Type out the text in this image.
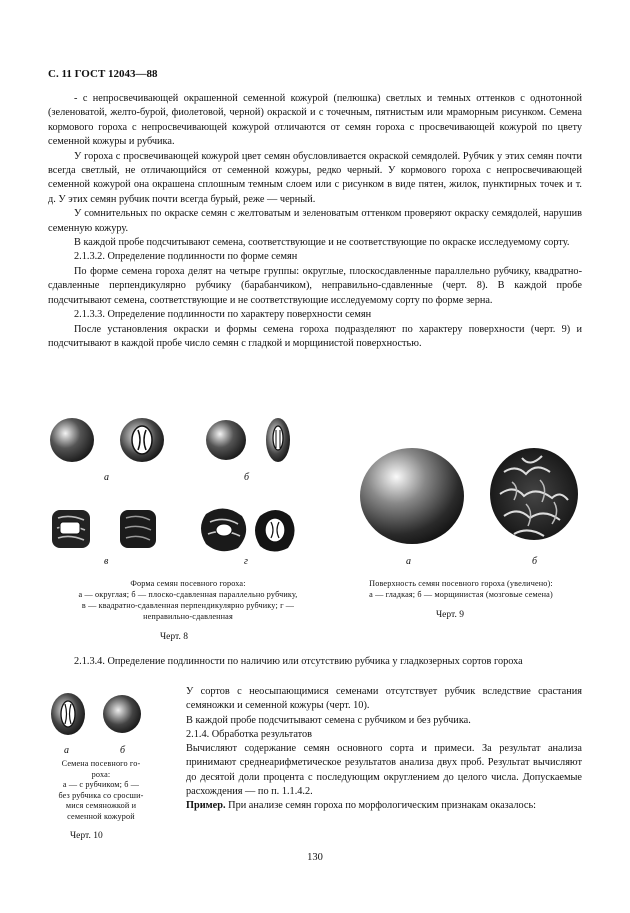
С. 11 ГОСТ 12043—88

- с непросвечивающей окрашенной семенной кожурой (пелюшка) светлых и темных оттенков с однотонной (зеленоватой, желто-бурой, фиолетовой, черной) окраской и с точечным, пятнистым или мраморным рисунком. Семена кормового гороха с непросвечивающей кожурой отличаются от семян гороха с просвечивающей кожурой по цвету семенной кожуры и рубчика.

У гороха с просвечивающей кожурой цвет семян обусловливается окраской семядолей. Рубчик у этих семян почти всегда светлый, не отличающийся от семенной кожуры, редко черный. У кормового гороха с непросвечивающей семенной кожурой она окрашена сплошным темным слоем или с рисунком в виде пятен, жилок, пунктирных точек и т. д. У этих семян рубчик почти всегда бурый, реже — черный.

У сомнительных по окраске семян с желтоватым и зеленоватым оттенком проверяют окраску семядолей, нарушив семенную кожуру.

В каждой пробе подсчитывают семена, соответствующие и не соответствующие по окраске исследуемому сорту.

2.1.3.2. Определение подлинности по форме семян

По форме семена гороха делят на четыре группы: округлые, плоскосдавленные параллельно рубчику, квадратно-сдавленные перпендикулярно рубчику (барабанчиком), неправильно-сдавленные (черт. 8). В каждой пробе подсчитывают семена, соответствующие и не соответствующие исследуемому сорту по форме зерна.

2.1.3.3. Определение подлинности по характеру поверхности семян

После установления окраски и формы семена гороха подразделяют по характеру поверхности (черт. 9) и подсчитывают в каждой пробе число семян с гладкой и морщинистой поверхностью.

а	б
в	г
Форма семян посевного гороха:
а — округлая; б — плоско-сдавленная параллельно рубчику,
в — квадратно-сдавленная перпендикулярно рубчику; г —
неправильно-сдавленная
Черт. 8
а	б
Поверхность семян посевного гороха (увеличено):
а — гладкая; б — морщинистая (мозговые семена)
Черт. 9
2.1.3.4. Определение подлинности по наличию или отсутствию рубчика у гладкозерных сортов гороха
а	б
Семена посевного го-
роха:
а — с рубчиком; б —
без рубчика со сросши-
мися семяножкой и
семенной кожурой
Черт. 10

У сортов с неосыпающимися семенами отсутствует рубчик вследствие срастания семяножки и семенной кожуры (черт. 10).

В каждой пробе подсчитывают семена с рубчиком и без рубчика.

2.1.4. Обработка результатов

Вычисляют содержание семян основного сорта и примеси. За результат анализа принимают среднеарифметическое результатов анализа двух проб. Результат вычисляют до десятой доли процента с последующим округлением до целого числа. Допускаемые расхождения — по п. 1.1.4.2.

Пример. При анализе семян гороха по морфологическим признакам оказалось:

130
